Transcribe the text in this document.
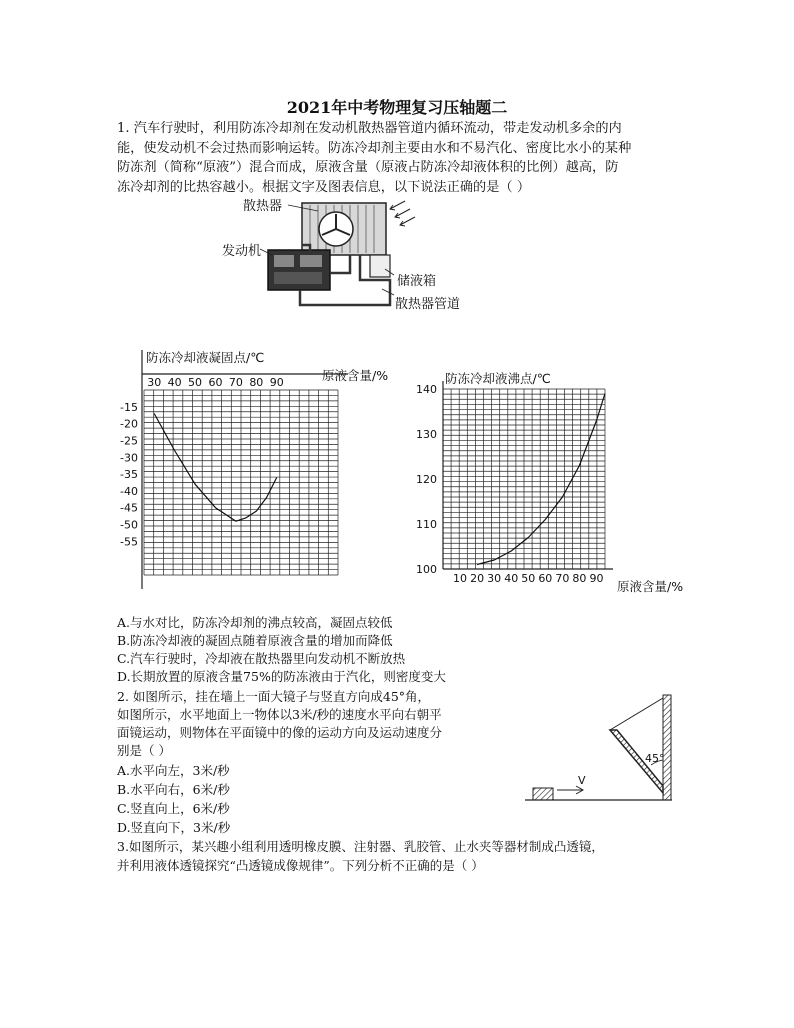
2021年中考物理复习压轴题二
1. 汽车行驶时，利用防冻冷却剂在发动机散热器管道内循环流动，带走发动机多余的内
能，使发动机不会过热而影响运转。防冻冷却剂主要由水和不易汽化、密度比水小的某种
防冻剂（简称“原液”）混合而成，原液含量（原液占防冻冷却液体积的比例）越高，防
冻冷却剂的比热容越小。根据文字及图表信息，以下说法正确的是（ ）
散热器
发动机
储液箱
散热器管道
防冻冷却液凝固点/℃
原液含量/%
30 40 50 60 70 80 90
-15
-20
-25
-30
-35
-40
-45
-50
-55
防冻冷却液沸点/℃
原液含量/%
10 20 30 40 50 60 70 80 90
100
110
120
130
140
A.与水对比，防冻冷却剂的沸点较高，凝固点较低
B.防冻冷却液的凝固点随着原液含量的增加而降低
C.汽车行驶时，冷却液在散热器里向发动机不断放热
D.长期放置的原液含量75%的防冻液由于汽化，则密度变大
2. 如图所示，挂在墙上一面大镜子与竖直方向成45°角，
如图所示，水平地面上一物体以3米/秒的速度水平向右朝平
面镜运动，则物体在平面镜中的像的运动方向及运动速度分
别是（ ）
A.水平向左，3米/秒
B.水平向右，6米/秒
C.竖直向上，6米/秒
D.竖直向下，3米/秒
45°
V
3.如图所示，某兴趣小组利用透明橡皮膜、注射器、乳胶管、止水夹等器材制成凸透镜，
并利用液体透镜探究“凸透镜成像规律”。下列分析不正确的是（ ）
